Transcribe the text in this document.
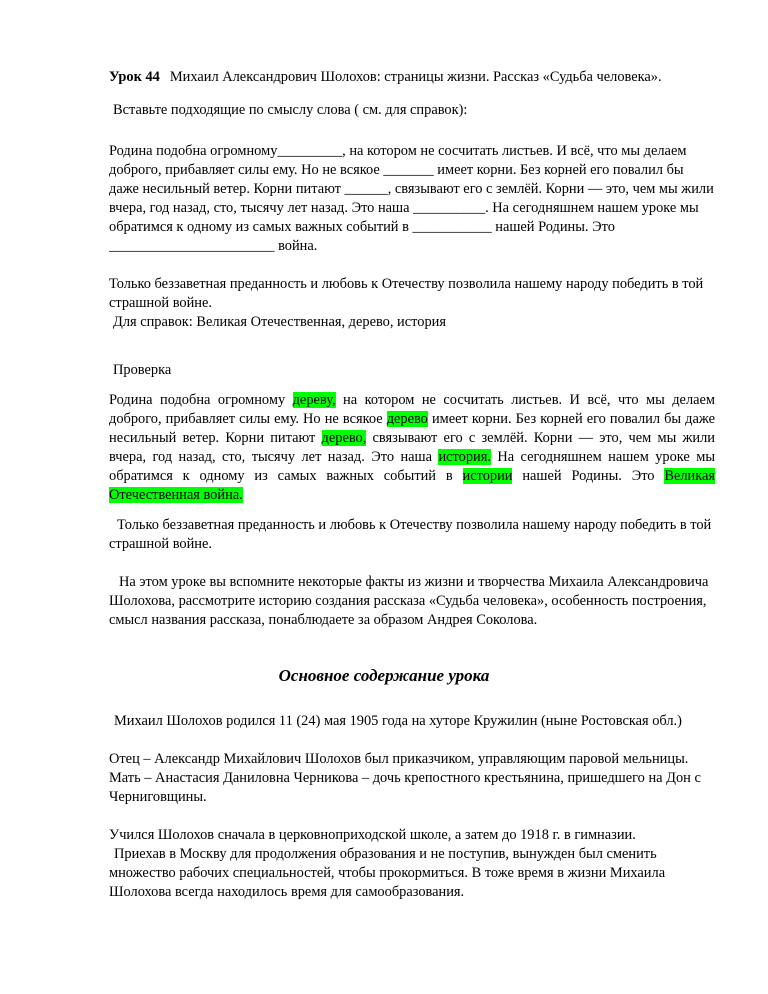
Урок 44 Михаил Александрович Шолохов: страницы жизни. Рассказ «Судьба человека».

Вставьте подходящие по смыслу слова ( см. для справок):

Родина подобна огромному_________, на котором не сосчитать листьев. И всё, что мы делаем доброго, прибавляет силы ему. Но не всякое _______ имеет корни. Без корней его повалил бы даже несильный ветер. Корни питают ______, связывают его с землёй. Корни — это, чем мы жили вчера, год назад, сто, тысячу лет назад. Это наша __________. На сегодняшнем нашем уроке мы обратимся к одному из самых важных событий в ___________ нашей Родины. Это _______________________ война.

Только беззаветная преданность и любовь к Отечеству позволила нашему народу победить в той страшной войне.

Для справок: Великая Отечественная, дерево, история

Проверка

Родина подобна огромному дереву, на котором не сосчитать листьев. И всё, что мы делаем доброго, прибавляет силы ему. Но не всякое дерево имеет корни. Без корней его повалил бы даже несильный ветер. Корни питают дерево, связывают его с землёй. Корни — это, чем мы жили вчера, год назад, сто, тысячу лет назад. Это наша история. На сегодняшнем нашем уроке мы обратимся к одному из самых важных событий в истории нашей Родины. Это Великая Отечественная война.

Только беззаветная преданность и любовь к Отечеству позволила нашему народу победить в той страшной войне.

На этом уроке вы вспомните некоторые факты из жизни и творчества Михаила Александровича Шолохова, рассмотрите историю создания рассказа «Судьба человека», особенность построения, смысл названия рассказа, понаблюдаете за образом Андрея Соколова.

Основное содержание урока

Михаил Шолохов родился 11 (24) мая 1905 года на хуторе Кружилин (ныне Ростовская обл.)

Отец – Александр Михайлович Шолохов был приказчиком, управляющим паровой мельницы. Мать – Анастасия Даниловна Черникова – дочь крепостного крестьянина, пришедшего на Дон с Черниговщины.

Учился Шолохов сначала в церковноприходской школе, а затем до 1918 г. в гимназии.

Приехав в Москву для продолжения образования и не поступив, вынужден был сменить множество рабочих специальностей, чтобы прокормиться. В тоже время в жизни Михаила Шолохова всегда находилось время для самообразования.
